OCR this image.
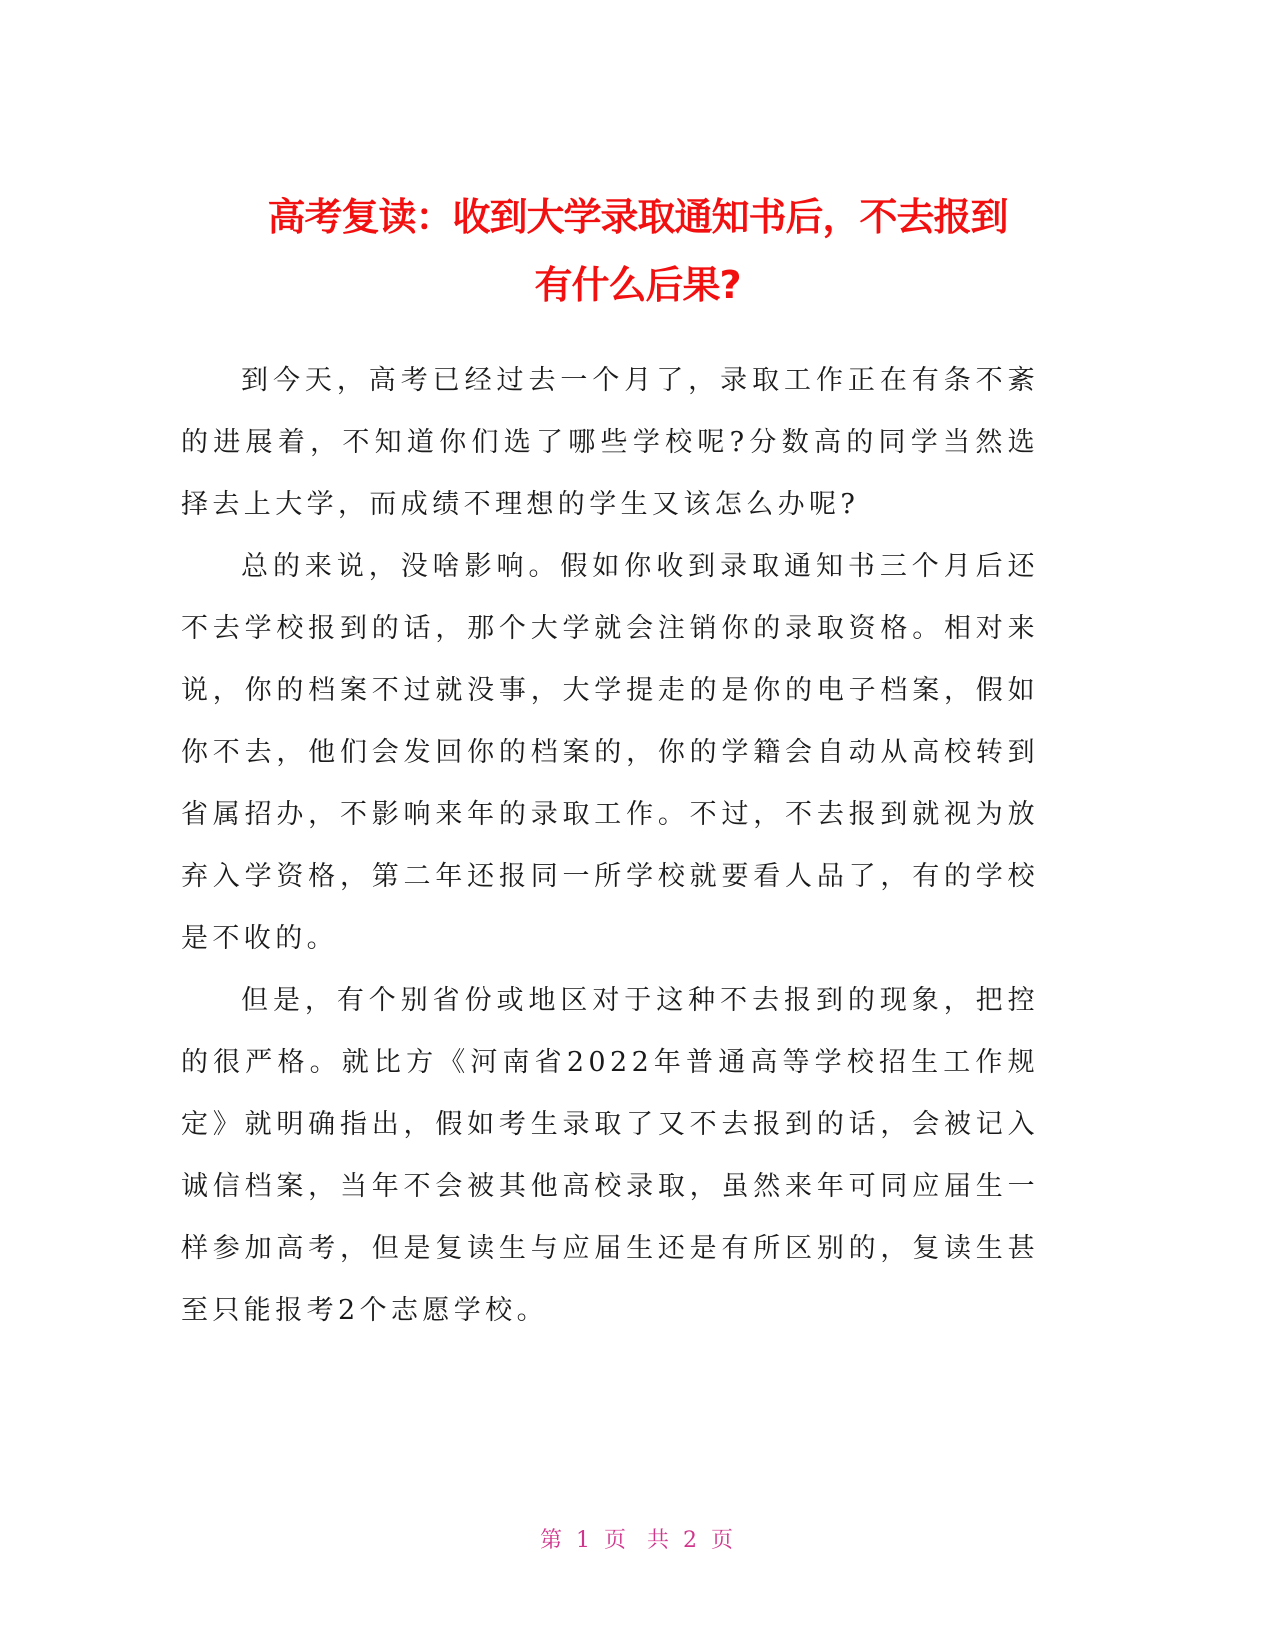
高考复读：收到大学录取通知书后，不去报到
有什么后果?

到今天，高考已经过去一个月了，录取工作正在有条不紊的进展着，不知道你们选了哪些学校呢?分数高的同学当然选择去上大学，而成绩不理想的学生又该怎么办呢?

总的来说，没啥影响。假如你收到录取通知书三个月后还不去学校报到的话，那个大学就会注销你的录取资格。相对来说，你的档案不过就没事，大学提走的是你的电子档案，假如你不去，他们会发回你的档案的，你的学籍会自动从高校转到省属招办，不影响来年的录取工作。不过，不去报到就视为放弃入学资格，第二年还报同一所学校就要看人品了，有的学校是不收的。

但是，有个别省份或地区对于这种不去报到的现象，把控的很严格。就比方《河南省2022年普通高等学校招生工作规定》就明确指出，假如考生录取了又不去报到的话，会被记入诚信档案，当年不会被其他高校录取，虽然来年可同应届生一样参加高考，但是复读生与应届生还是有所区别的，复读生甚至只能报考2个志愿学校。

第 1 页 共 2 页
